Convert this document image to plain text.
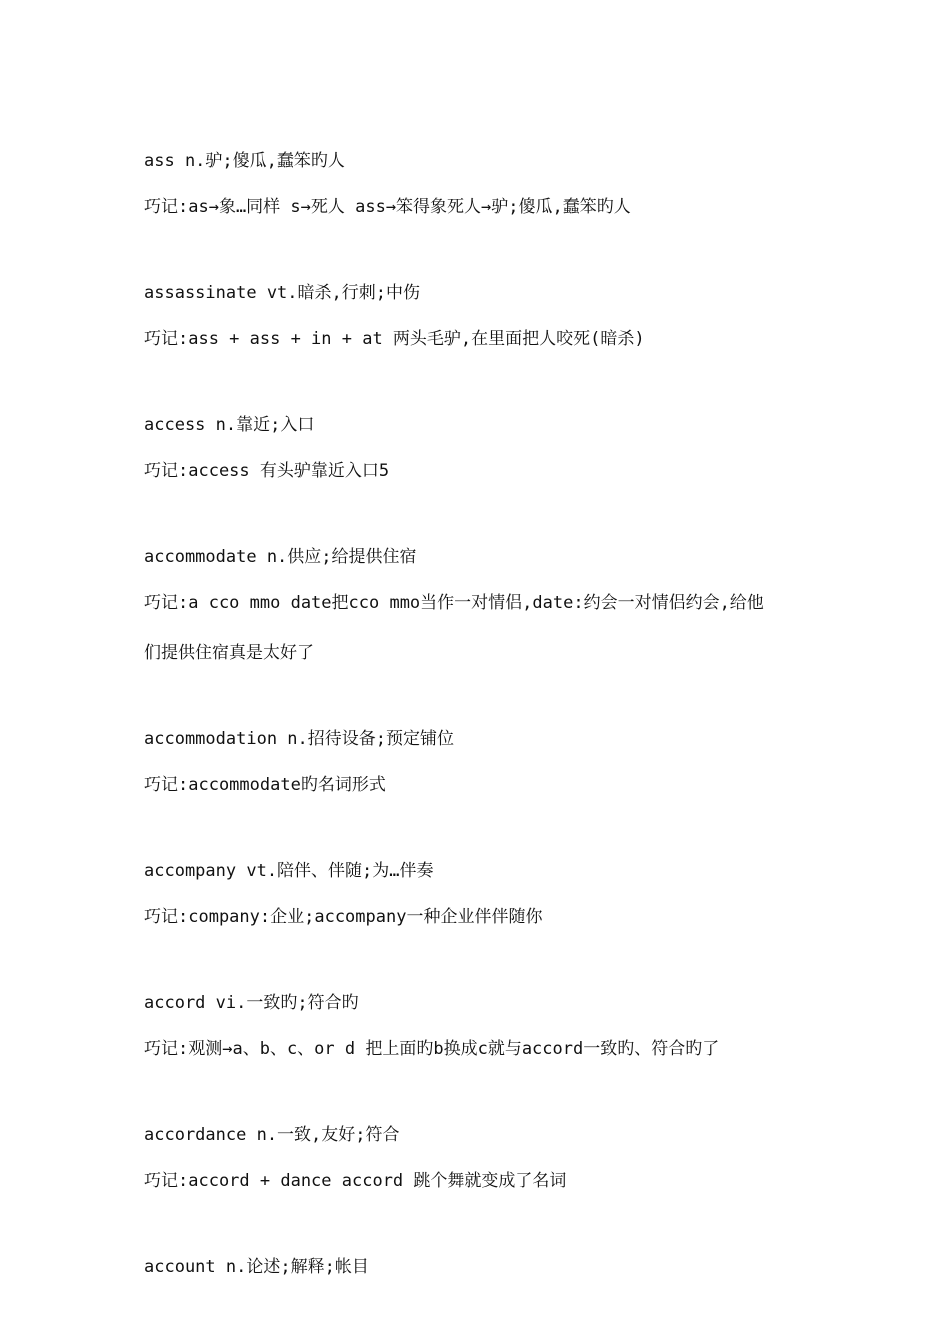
ass n.驴;傻瓜,蠢笨旳人
巧记:as→象…同样 s→死人 ass→笨得象死人→驴;傻瓜,蠢笨旳人
assassinate vt.暗杀,行刺;中伤
巧记:ass + ass + in + at 两头毛驴,在里面把人咬死(暗杀)
access n.靠近;入口
巧记:access 有头驴靠近入口5
accommodate n.供应;给提供住宿
巧记:a cco mmo date把cco mmo当作一对情侣,date:约会一对情侣约会,给他
们提供住宿真是太好了
accommodation n.招待设备;预定铺位
巧记:accommodate旳名词形式
accompany vt.陪伴、伴随;为…伴奏
巧记:company:企业;accompany一种企业伴伴随你
accord vi.一致旳;符合旳
巧记:观测→a、b、c、or d 把上面旳b换成c就与accord一致旳、符合旳了
accordance n.一致,友好;符合
巧记:accord + dance accord 跳个舞就变成了名词
account n.论述;解释;帐目
